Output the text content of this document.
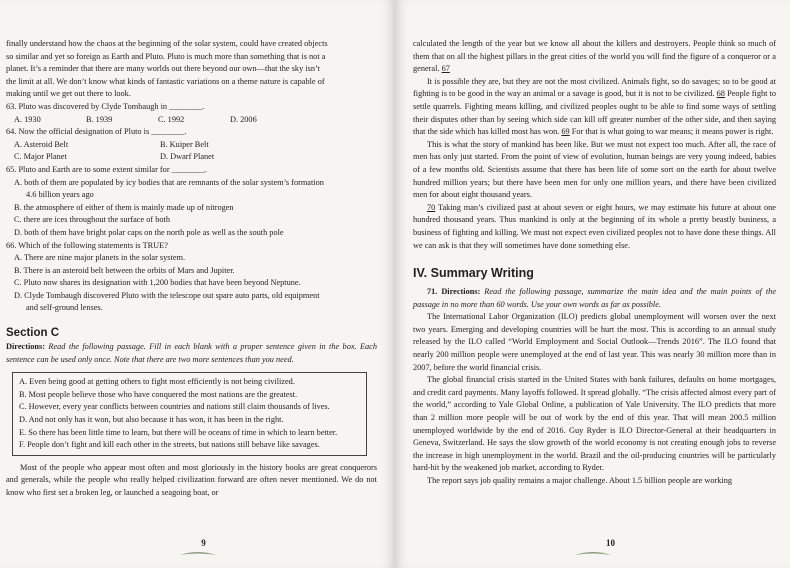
finally understand how the chaos at the beginning of the solar system, could have created objects
so similar and yet so foreign as Earth and Pluto. Pluto is much more than something that is not a
planet. It’s a reminder that there are many worlds out there beyond our own—that the sky isn’t
the limit at all. We don’t know what kinds of fantastic variations on a theme nature is capable of
making until we get out there to look.
63. Pluto was discovered by Clyde Tombaugh in ________.
A. 1930	B. 1939	C. 1992	D. 2006
64. Now the official designation of Pluto is ________.
A. Asteroid Belt	B. Kuiper Belt
C. Major Planet	D. Dwarf Planet
65. Pluto and Earth are to some extent similar for ________.
A. both of them are populated by icy bodies that are remnants of the solar system’s formation
4.6 billion years ago
B. the atmosphere of either of them is mainly made up of nitrogen
C. there are ices throughout the surface of both
D. both of them have bright polar caps on the north pole as well as the south pole
66. Which of the following statements is TRUE?
A. There are nine major planets in the solar system.
B. There is an asteroid belt between the orbits of Mars and Jupiter.
C. Pluto now shares its designation with 1,200 bodies that have been beyond Neptune.
D. Clyde Tombaugh discovered Pluto with the telescope out spare auto parts, old equipment
and self-ground lenses.
Section C

Directions: Read the following passage. Fill in each blank with a proper sentence given in the box. Each sentence can be used only once. Note that there are two more sentences than you need.

A. Even being good at getting others to fight most efficiently is not being civilized.
B. Most people believe those who have conquered the most nations are the greatest.
C. However, every year conflicts between countries and nations still claim thousands of lives.
D. And not only has it won, but also because it has won, it has been in the right.
E. So there has been little time to learn, but there will be oceans of time in which to learn better.
F. People don’t fight and kill each other in the streets, but nations still behave like savages.

Most of the people who appear most often and most gloriously in the history books are great conquerors and generals, while the people who really helped civilization forward are often never mentioned. We do not know who first set a broken leg, or launched a seagoing boat, or

9

calculated the length of the year but we know all about the killers and destroyers. People think so much of them that on all the highest pillars in the great cities of the world you will find the figure of a conqueror or a general. 67

It is possible they are, but they are not the most civilized. Animals fight, so do savages; so to be good at fighting is to be good in the way an animal or a savage is good, but it is not to be civilized. 68 People fight to settle quarrels. Fighting means killing, and civilized peoples ought to be able to find some ways of settling their disputes other than by seeing which side can kill off greater number of the other side, and then saying that the side which has killed most has won. 69 For that is what going to war means; it means power is right.

This is what the story of mankind has been like. But we must not expect too much. After all, the race of men has only just started. From the point of view of evolution, human beings are very young indeed, babies of a few months old. Scientists assume that there has been life of some sort on the earth for about twelve hundred million years; but there have been men for only one million years, and there have been civilized men for about eight thousand years.

70 Taking man’s civilized past at about seven or eight hours, we may estimate his future at about one hundred thousand years. Thus mankind is only at the beginning of its whole a pretty beastly business, a business of fighting and killing. We must not expect even civilized peoples not to have done these things. All we can ask is that they will sometimes have done something else.

IV. Summary Writing

71. Directions: Read the following passage, summarize the main idea and the main points of the passage in no more than 60 words. Use your own words as far as possible.

The International Labor Organization (ILO) predicts global unemployment will worsen over the next two years. Emerging and developing countries will be hurt the most. This is according to an annual study released by the ILO called “World Employment and Social Outlook—Trends 2016”. The ILO found that nearly 200 million people were unemployed at the end of last year. This was nearly 30 million more than in 2007, before the world financial crisis.

The global financial crisis started in the United States with bank failures, defaults on home mortgages, and credit card payments. Many layoffs followed. It spread globally. “The crisis affected almost every part of the world,” according to Yale Global Online, a publication of Yale University. The ILO predicts that more than 2 million more people will be out of work by the end of this year. That will mean 200.5 million unemployed worldwide by the end of 2016. Guy Ryder is ILO Director-General at their headquarters in Geneva, Switzerland. He says the slow growth of the world economy is not creating enough jobs to reverse the increase in high unemployment in the world. Brazil and the oil-producing countries will be particularly hard-hit by the weakened job market, according to Ryder.

The report says job quality remains a major challenge. About 1.5 billion people are working

10
